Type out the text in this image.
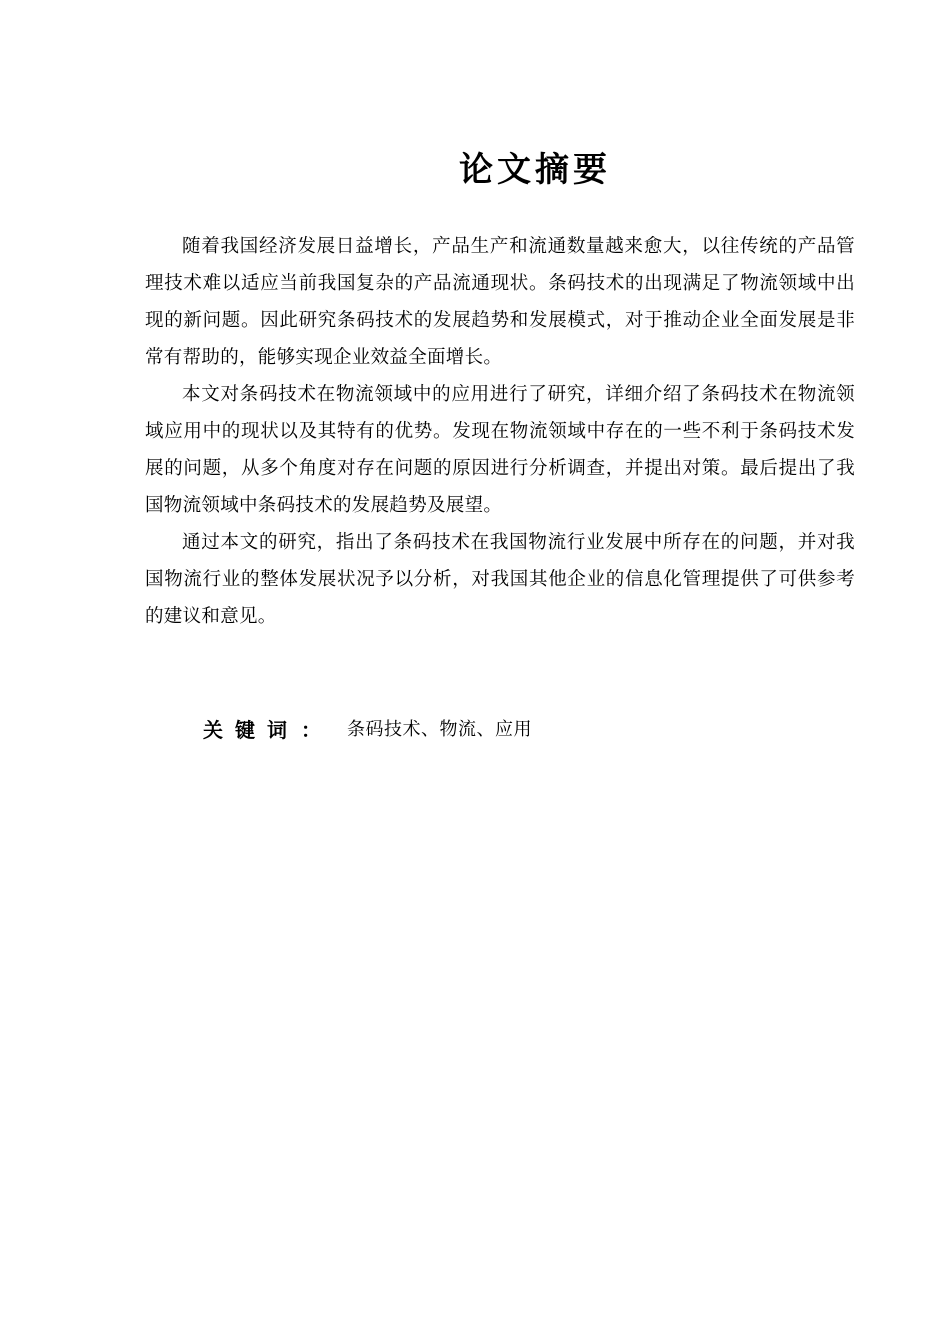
论文摘要

随着我国经济发展日益增长，产品生产和流通数量越来愈大，以往传统的产品管理技术难以适应当前我国复杂的产品流通现状。条码技术的出现满足了物流领域中出现的新问题。因此研究条码技术的发展趋势和发展模式，对于推动企业全面发展是非常有帮助的，能够实现企业效益全面增长。

本文对条码技术在物流领域中的应用进行了研究，详细介绍了条码技术在物流领域应用中的现状以及其特有的优势。发现在物流领域中存在的一些不利于条码技术发展的问题，从多个角度对存在问题的原因进行分析调查，并提出对策。最后提出了我国物流领域中条码技术的发展趋势及展望。

通过本文的研究，指出了条码技术在我国物流行业发展中所存在的问题，并对我国物流行业的整体发展状况予以分析，对我国其他企业的信息化管理提供了可供参考的建议和意见。

关键词 ： 条码技术、物流、应用
